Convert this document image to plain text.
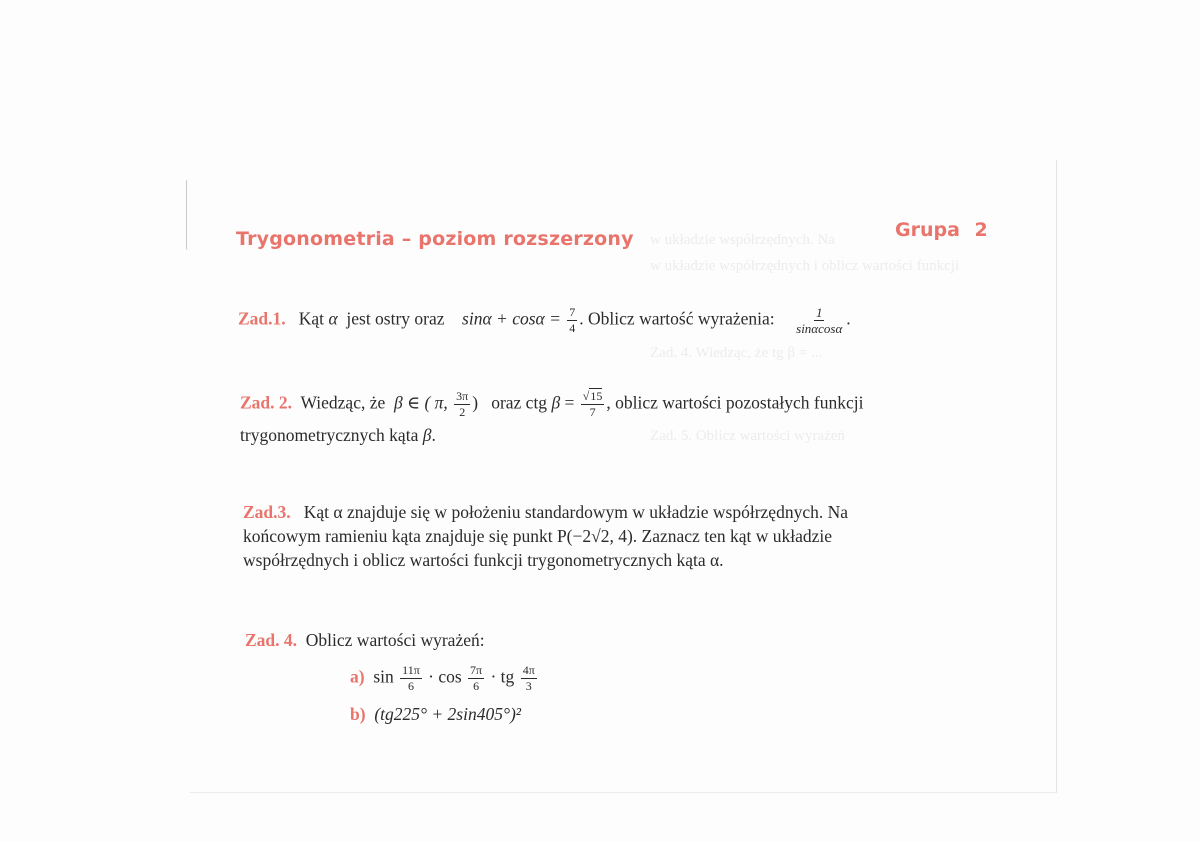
w układzie współrzędnych. Na
w układzie współrzędnych i oblicz wartości funkcji
Zad. 4. Wiedząc, że tg β = ...
Zad. 5. Oblicz wartości wyrażeń
Trygonometria – poziom rozszerzony	Grupa 2
Zad.1. Kąt α jest ostry oraz $\sin\alpha + \cos\alpha = \frac{7}{4}$ . Oblicz wartość wyrażenia: $\frac{1}{\sin\alpha\cos\alpha}$ .
Zad. 2. Wiedząc, że β ∈ ( π, $\frac{3\pi}{2}$ ) oraz ctg $\beta = \frac{√15}{7}$ , oblicz wartości pozostałych funkcji
trygonometrycznych kąta β.
Zad.3. Kąt α znajduje się w położeniu standardowym w układzie współrzędnych. Na
końcowym ramieniu kąta znajduje się punkt P(−2√2, 4). Zaznacz ten kąt w układzie
współrzędnych i oblicz wartości funkcji trygonometrycznych kąta α.
Zad. 4. Oblicz wartości wyrażeń:
a) $\sin \frac{11\pi}{6} \cdot \cos \frac{7\pi}{6}$ · tg $\frac{4\pi}{3}$
b) (tg225° + 2sin405°)²
